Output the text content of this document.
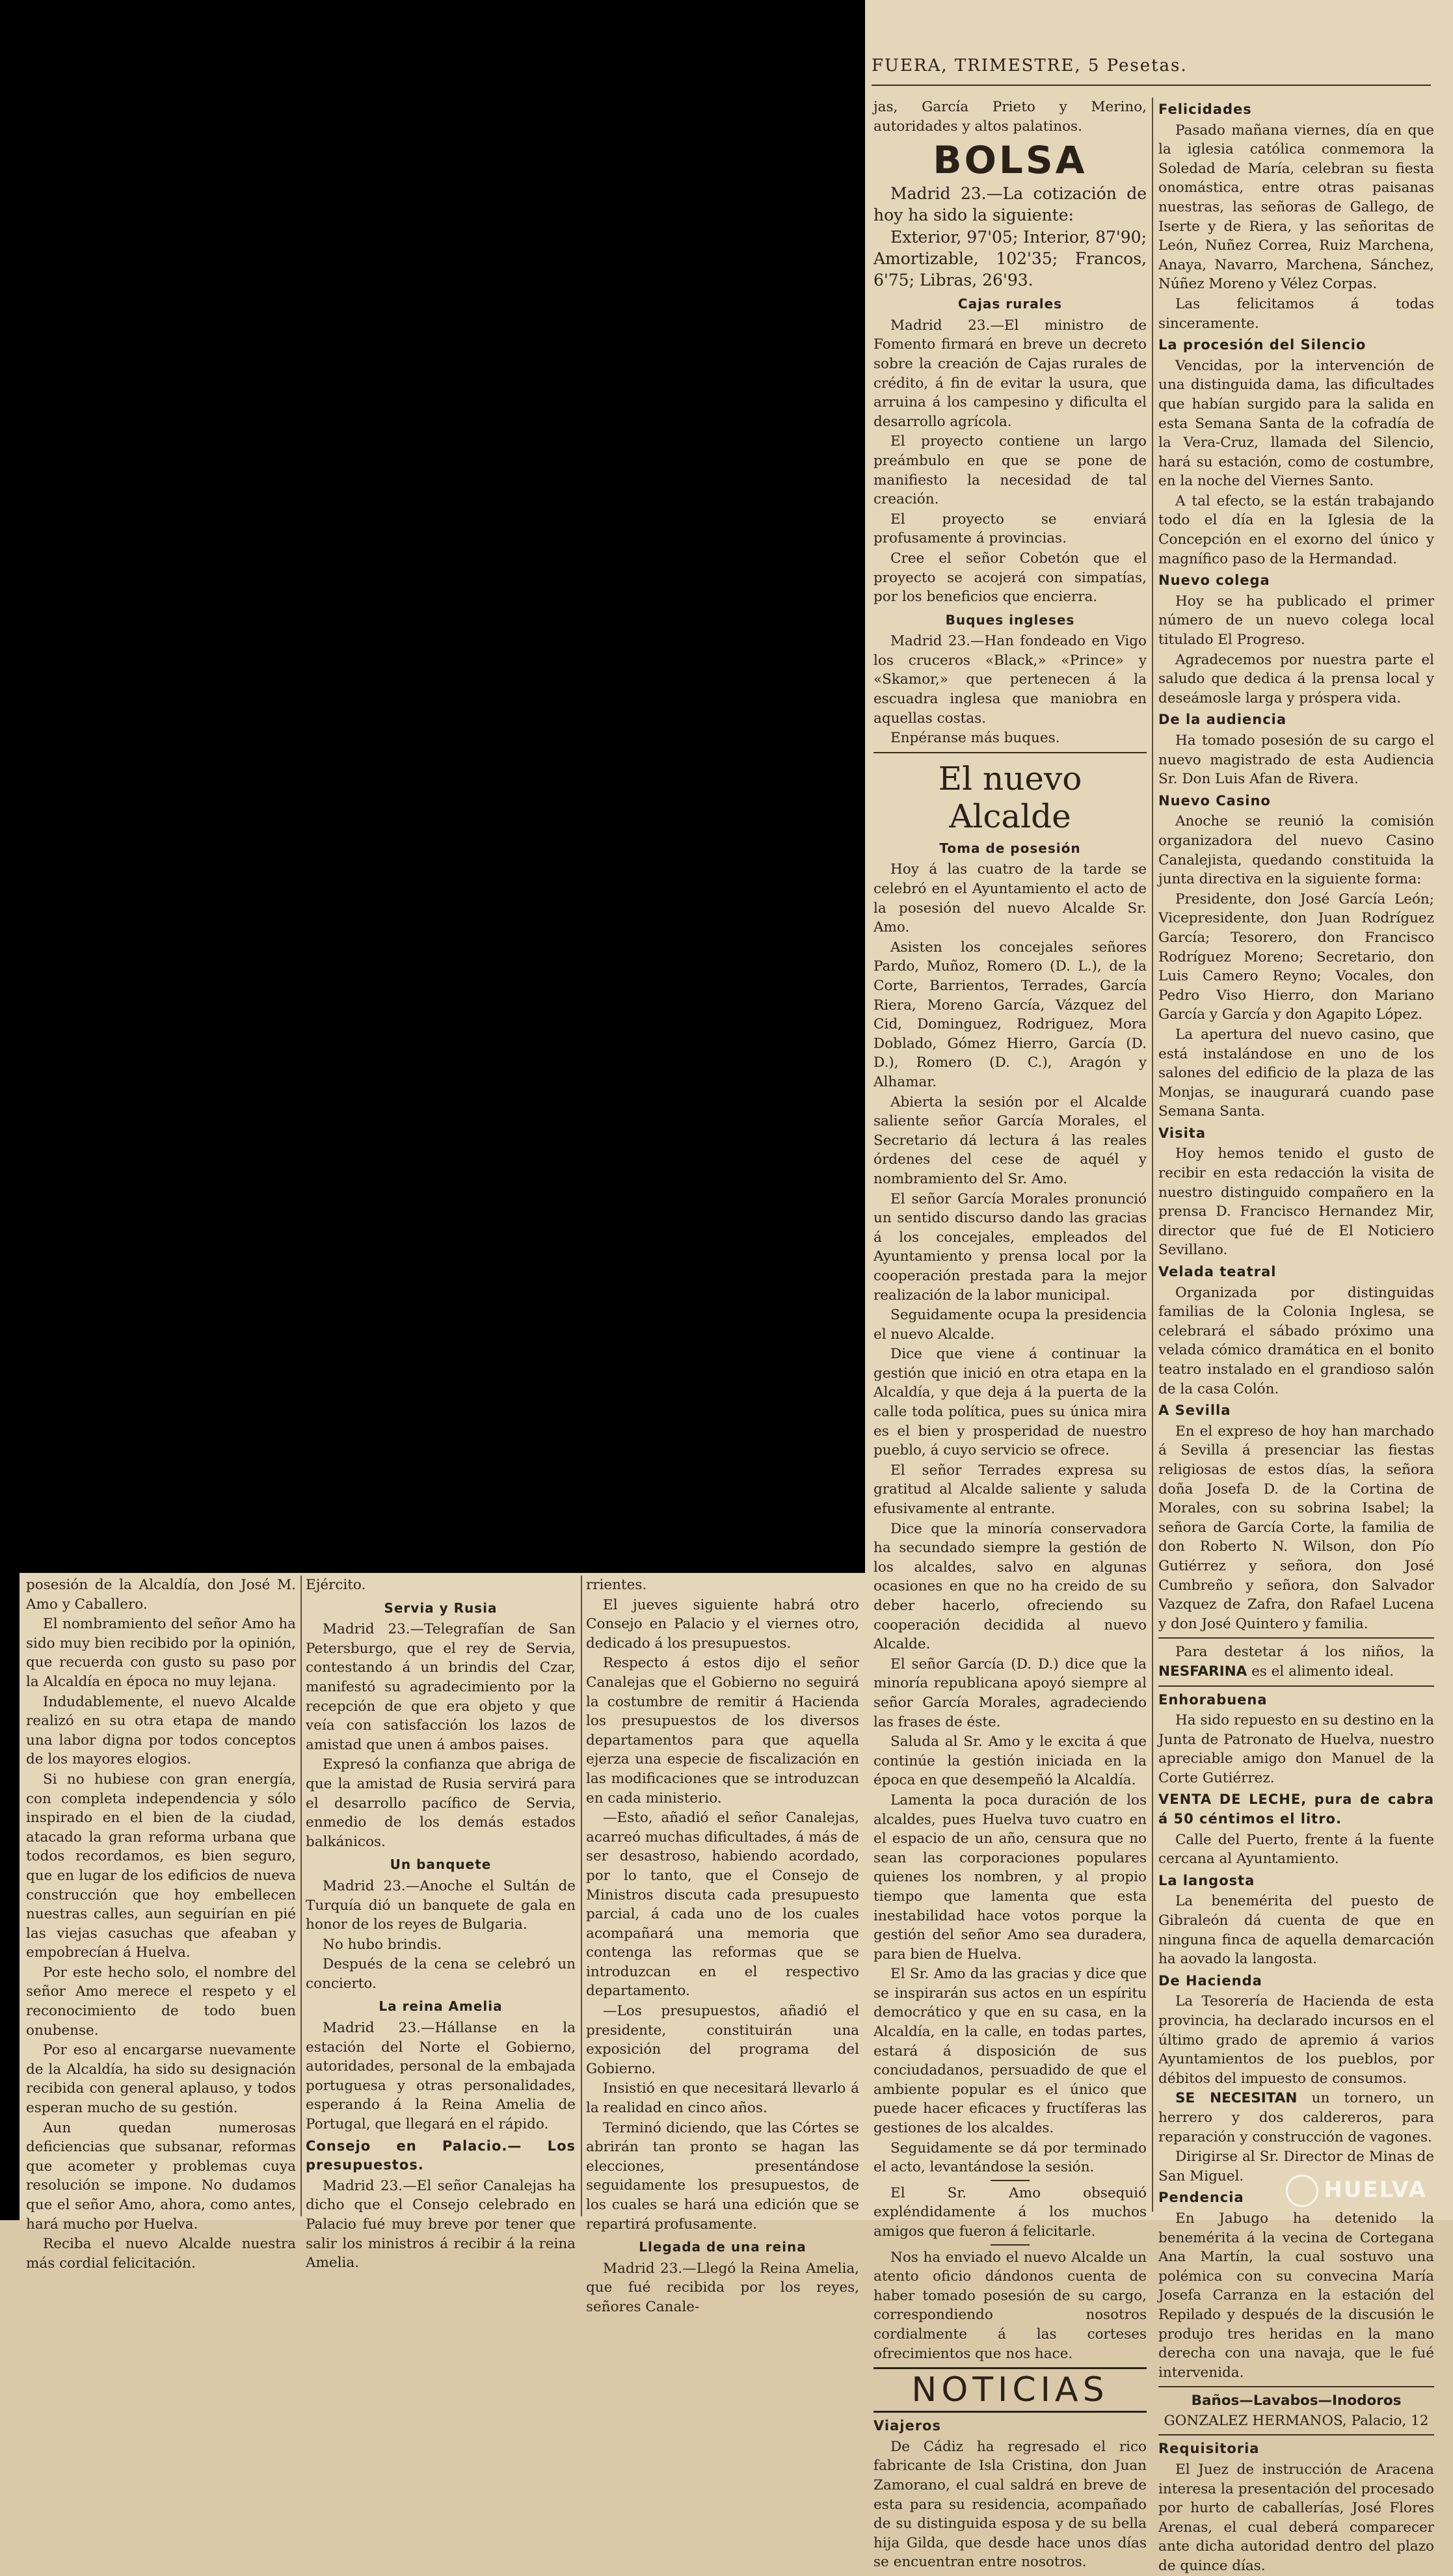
FUERA, TRIMESTRE, 5 Pesetas.

jas, García Prieto y Merino, autoridades y altos palatinos.

BOLSA

Madrid 23.—La cotización de hoy ha sido la siguiente:

Exterior, 97'05; Interior, 87'90; Amortizable, 102'35; Francos, 6'75; Libras, 26'93.

Cajas rurales

Madrid 23.—El ministro de Fomento firmará en breve un decreto sobre la creación de Cajas rurales de crédito, á fin de evitar la usura, que arruina á los campesino y dificulta el desarrollo agrícola.

El proyecto contiene un largo preámbulo en que se pone de manifiesto la necesidad de tal creación.

El proyecto se enviará profusamente á provincias.

Cree el señor Cobetón que el proyecto se acojerá con simpatías, por los beneficios que encierra.

Buques ingleses

Madrid 23.—Han fondeado en Vigo los cruceros «Black,» «Prince» y «Skamor,» que pertenecen á la escuadra inglesa que maniobra en aquellas costas.

Enpéranse más buques.

El nuevo Alcalde
Toma de posesión

Hoy á las cuatro de la tarde se celebró en el Ayuntamiento el acto de la posesión del nuevo Alcalde Sr. Amo.

Asisten los concejales señores Pardo, Muñoz, Romero (D. L.), de la Corte, Barrientos, Terrades, García Riera, Moreno García, Vázquez del Cid, Dominguez, Rodriguez, Mora Doblado, Gómez Hierro, García (D. D.), Romero (D. C.), Aragón y Alhamar.

Abierta la sesión por el Alcalde saliente señor García Morales, el Secretario dá lectura á las reales órdenes del cese de aquél y nombramiento del Sr. Amo.

El señor García Morales pronunció un sentido discurso dando las gracias á los concejales, empleados del Ayuntamiento y prensa local por la cooperación prestada para la mejor realización de la labor municipal.

Seguidamente ocupa la presidencia el nuevo Alcalde.

Dice que viene á continuar la gestión que inició en otra etapa en la Alcaldía, y que deja á la puerta de la calle toda política, pues su única mira es el bien y prosperidad de nuestro pueblo, á cuyo servicio se ofrece.

El señor Terrades expresa su gratitud al Alcalde saliente y saluda efusivamente al entrante.

Dice que la minoría conservadora ha secundado siempre la gestión de los alcaldes, salvo en algunas ocasiones en que no ha creido de su deber hacerlo, ofreciendo su cooperación decidida al nuevo Alcalde.

El señor García (D. D.) dice que la minoría republicana apoyó siempre al señor García Morales, agradeciendo las frases de éste.

Saluda al Sr. Amo y le excita á que continúe la gestión iniciada en la época en que desempeñó la Alcaldía.

Lamenta la poca duración de los alcaldes, pues Huelva tuvo cuatro en el espacio de un año, censura que no sean las corporaciones populares quienes los nombren, y al propio tiempo que lamenta que esta inestabilidad hace votos porque la gestión del señor Amo sea duradera, para bien de Huelva.

El Sr. Amo da las gracias y dice que se inspirarán sus actos en un espíritu democrático y que en su casa, en la Alcaldía, en la calle, en todas partes, estará á disposición de sus conciudadanos, persuadido de que el ambiente popular es el único que puede hacer eficaces y fructíferas las gestiones de los alcaldes.

Seguidamente se dá por terminado el acto, levantándose la sesión.

El Sr. Amo obsequió expléndidamente á los muchos amigos que fueron á felicitarle.

Nos ha enviado el nuevo Alcalde un atento oficio dándonos cuenta de haber tomado posesión de su cargo, correspondiendo nosotros cordialmente á las corteses ofrecimientos que nos hace.

NOTICIAS

Viajeros

De Cádiz ha regresado el rico fabricante de Isla Cristina, don Juan Zamorano, el cual saldrá en breve de esta para su residencia, acompañado de su distinguida esposa y de su bella hija Gilda, que desde hace unos días se encuentran entre nosotros.

Felicidades

Pasado mañana viernes, día en que la iglesia católica conmemora la Soledad de María, celebran su fiesta onomástica, entre otras paisanas nuestras, las señoras de Gallego, de Iserte y de Riera, y las señoritas de León, Nuñez Correa, Ruiz Marchena, Anaya, Navarro, Marchena, Sánchez, Núñez Moreno y Vélez Corpas.

Las felicitamos á todas sinceramente.

La procesión del Silencio

Vencidas, por la intervención de una distinguida dama, las dificultades que habían surgido para la salida en esta Semana Santa de la cofradía de la Vera-Cruz, llamada del Silencio, hará su estación, como de costumbre, en la noche del Viernes Santo.

A tal efecto, se la están trabajando todo el día en la Iglesia de la Concepción en el exorno del único y magnífico paso de la Hermandad.

Nuevo colega

Hoy se ha publicado el primer número de un nuevo colega local titulado El Progreso.

Agradecemos por nuestra parte el saludo que dedica á la prensa local y deseámosle larga y próspera vida.

De la audiencia

Ha tomado posesión de su cargo el nuevo magistrado de esta Audiencia Sr. Don Luis Afan de Rivera.

Nuevo Casino

Anoche se reunió la comisión organizadora del nuevo Casino Canalejista, quedando constituida la junta directiva en la siguiente forma:

Presidente, don José García León; Vicepresidente, don Juan Rodríguez García; Tesorero, don Francisco Rodríguez Moreno; Secretario, don Luis Camero Reyno; Vocales, don Pedro Viso Hierro, don Mariano García y García y don Agapito López.

La apertura del nuevo casino, que está instalándose en uno de los salones del edificio de la plaza de las Monjas, se inaugurará cuando pase Semana Santa.

Visita

Hoy hemos tenido el gusto de recibir en esta redacción la visita de nuestro distinguido compañero en la prensa D. Francisco Hernandez Mir, director que fué de El Noticiero Sevillano.

Velada teatral

Organizada por distinguidas familias de la Colonia Inglesa, se celebrará el sábado próximo una velada cómico dramática en el bonito teatro instalado en el grandioso salón de la casa Colón.

A Sevilla

En el expreso de hoy han marchado á Sevilla á presenciar las fiestas religiosas de estos días, la señora doña Josefa D. de la Cortina de Morales, con su sobrina Isabel; la señora de García Corte, la familia de don Roberto N. Wilson, don Pío Gutiérrez y señora, don José Cumbreño y señora, don Salvador Vazquez de Zafra, don Rafael Lucena y don José Quintero y familia.

Para destetar á los niños, la NESFARINA es el alimento ideal.

Enhorabuena

Ha sido repuesto en su destino en la Junta de Patronato de Huelva, nuestro apreciable amigo don Manuel de la Corte Gutiérrez.

VENTA DE LECHE, pura de cabra á 50 céntimos el litro.

Calle del Puerto, frente á la fuente cercana al Ayuntamiento.

La langosta

La benemérita del puesto de Gibraleón dá cuenta de que en ninguna finca de aquella demarcación ha aovado la langosta.

De Hacienda

La Tesorería de Hacienda de esta provincia, ha declarado incursos en el último grado de apremio á varios Ayuntamientos de los pueblos, por débitos del impuesto de consumos.

SE NECESITAN un tornero, un herrero y dos caldereros, para reparación y construcción de vagones.

Dirigirse al Sr. Director de Minas de San Miguel.

Pendencia

En Jabugo ha detenido la benemérita á la vecina de Cortegana Ana Martín, la cual sostuvo una polémica con su convecina María Josefa Carranza en la estación del Repilado y después de la discusión le produjo tres heridas en la mano derecha con una navaja, que le fué intervenida.

Baños—Lavabos—Inodoros

GONZALEZ HERMANOS, Palacio, 12

Requisitoria

El Juez de instrucción de Aracena interesa la presentación del procesado por hurto de caballerías, José Flores Arenas, el cual deberá comparecer ante dicha autoridad dentro del plazo de quince días.

posesión de la Alcaldía, don José M. Amo y Caballero.

El nombramiento del señor Amo ha sido muy bien recibido por la opinión, que recuerda con gusto su paso por la Alcaldía en época no muy lejana.

Indudablemente, el nuevo Alcalde realizó en su otra etapa de mando una labor digna por todos conceptos de los mayores elogios.

Si no hubiese con gran energía, con completa independencia y sólo inspirado en el bien de la ciudad, atacado la gran reforma urbana que todos recordamos, es bien seguro, que en lugar de los edificios de nueva construcción que hoy embellecen nuestras calles, aun seguirían en pié las viejas casuchas que afeaban y empobrecían á Huelva.

Por este hecho solo, el nombre del señor Amo merece el respeto y el reconocimiento de todo buen onubense.

Por eso al encargarse nuevamente de la Alcaldía, ha sido su designación recibida con general aplauso, y todos esperan mucho de su gestión.

Aun quedan numerosas deficiencias que subsanar, reformas que acometer y problemas cuya resolución se impone. No dudamos que el señor Amo, ahora, como antes, hará mucho por Huelva.

Reciba el nuevo Alcalde nuestra más cordial felicitación.

Ejército.

Servia y Rusia

Madrid 23.—Telegrafían de San Petersburgo, que el rey de Servia, contestando á un brindis del Czar, manifestó su agradecimiento por la recepción de que era objeto y que veía con satisfacción los lazos de amistad que unen á ambos paises.

Expresó la confianza que abriga de que la amistad de Rusia servirá para el desarrollo pacífico de Servia, enmedio de los demás estados balkánicos.

Un banquete

Madrid 23.—Anoche el Sultán de Turquía dió un banquete de gala en honor de los reyes de Bulgaria.

No hubo brindis.

Después de la cena se celebró un concierto.

La reina Amelia

Madrid 23.—Hállanse en la estación del Norte el Gobierno, autoridades, personal de la embajada portuguesa y otras personalidades, esperando á la Reina Amelia de Portugal, que llegará en el rápido.

Consejo en Palacio.— Los presupuestos.

Madrid 23.—El señor Canalejas ha dicho que el Consejo celebrado en Palacio fué muy breve por tener que salir los ministros á recibir á la reina Amelia.

rrientes.

El jueves siguiente habrá otro Consejo en Palacio y el viernes otro, dedicado á los presupuestos.

Respecto á estos dijo el señor Canalejas que el Gobierno no seguirá la costumbre de remitir á Hacienda los presupuestos de los diversos departamentos para que aquella ejerza una especie de fiscalización en las modificaciones que se introduzcan en cada ministerio.

—Esto, añadió el señor Canalejas, acarreó muchas dificultades, á más de ser desastroso, habiendo acordado, por lo tanto, que el Consejo de Ministros discuta cada presupuesto parcial, á cada uno de los cuales acompañará una memoria que contenga las reformas que se introduzcan en el respectivo departamento.

—Los presupuestos, añadió el presidente, constituirán una exposición del programa del Gobierno.

Insistió en que necesitará llevarlo á la realidad en cinco años.

Terminó diciendo, que las Córtes se abrirán tan pronto se hagan las elecciones, presentándose seguidamente los presupuestos, de los cuales se hará una edición que se repartirá profusamente.

Llegada de una reina

Madrid 23.—Llegó la Reina Amelia, que fué recibida por los reyes, señores Canale-

HUELVA
